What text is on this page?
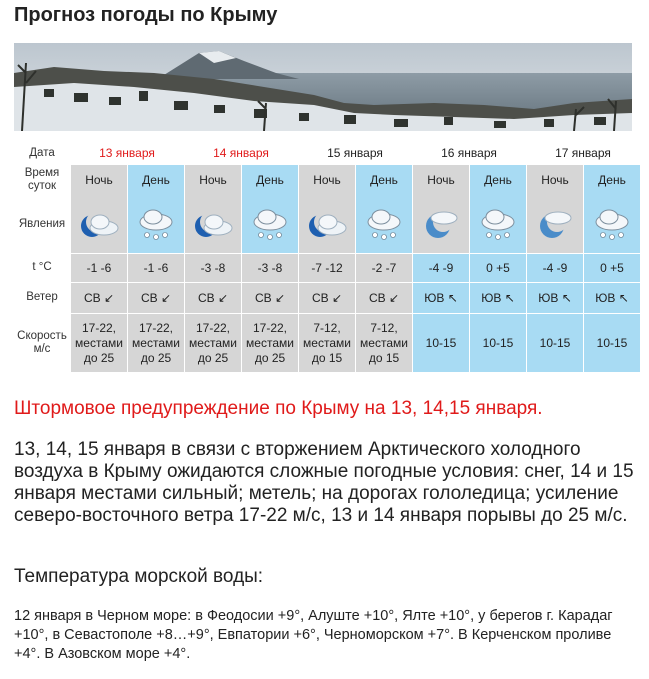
Прогноз погоды по Крыму
Дата	13 января		14 января		15 января		16 января		17 января	
Время суток	Ночь	День	Ночь	День	Ночь	День	Ночь	День	Ночь	День
Явления	

t °C	-1 -6	-1 -6	-3 -8	-3 -8	-7 -12	-2 -7	-4 -9	0 +5	-4 -9	0 +5
Ветер	СВ ↙	СВ ↙	СВ ↙	СВ ↙	СВ ↙	СВ ↙	ЮВ ↖	ЮВ ↖	ЮВ ↖	ЮВ ↖
Скорость м/с	17-22,
местами
до 25	17-22,
местами
до 25	17-22,
местами
до 25	17-22,
местами
до 25	7-12,
местами
до 15	7-12,
местами
до 15	10-15	10-15	10-15	10-15
Штормовое предупреждение по Крыму на 13, 14,15 января.
13, 14, 15 января в связи с вторжением Арктического холодного воздуха в Крыму ожидаются сложные погодные условия: снег, 14 и 15 января местами сильный; метель; на дорогах гололедица; усиление северо-восточного ветра 17-22 м/с, 13 и 14 января порывы до 25 м/с.
Температура морской воды:
12 января в Черном море: в Феодосии +9°, Алуште +10°, Ялте +10°, у берегов г. Карадаг +10°, в Севастополе +8…+9°, Евпатории +6°, Черноморском +7°. В Керченском проливе +4°. В Азовском море +4°.
